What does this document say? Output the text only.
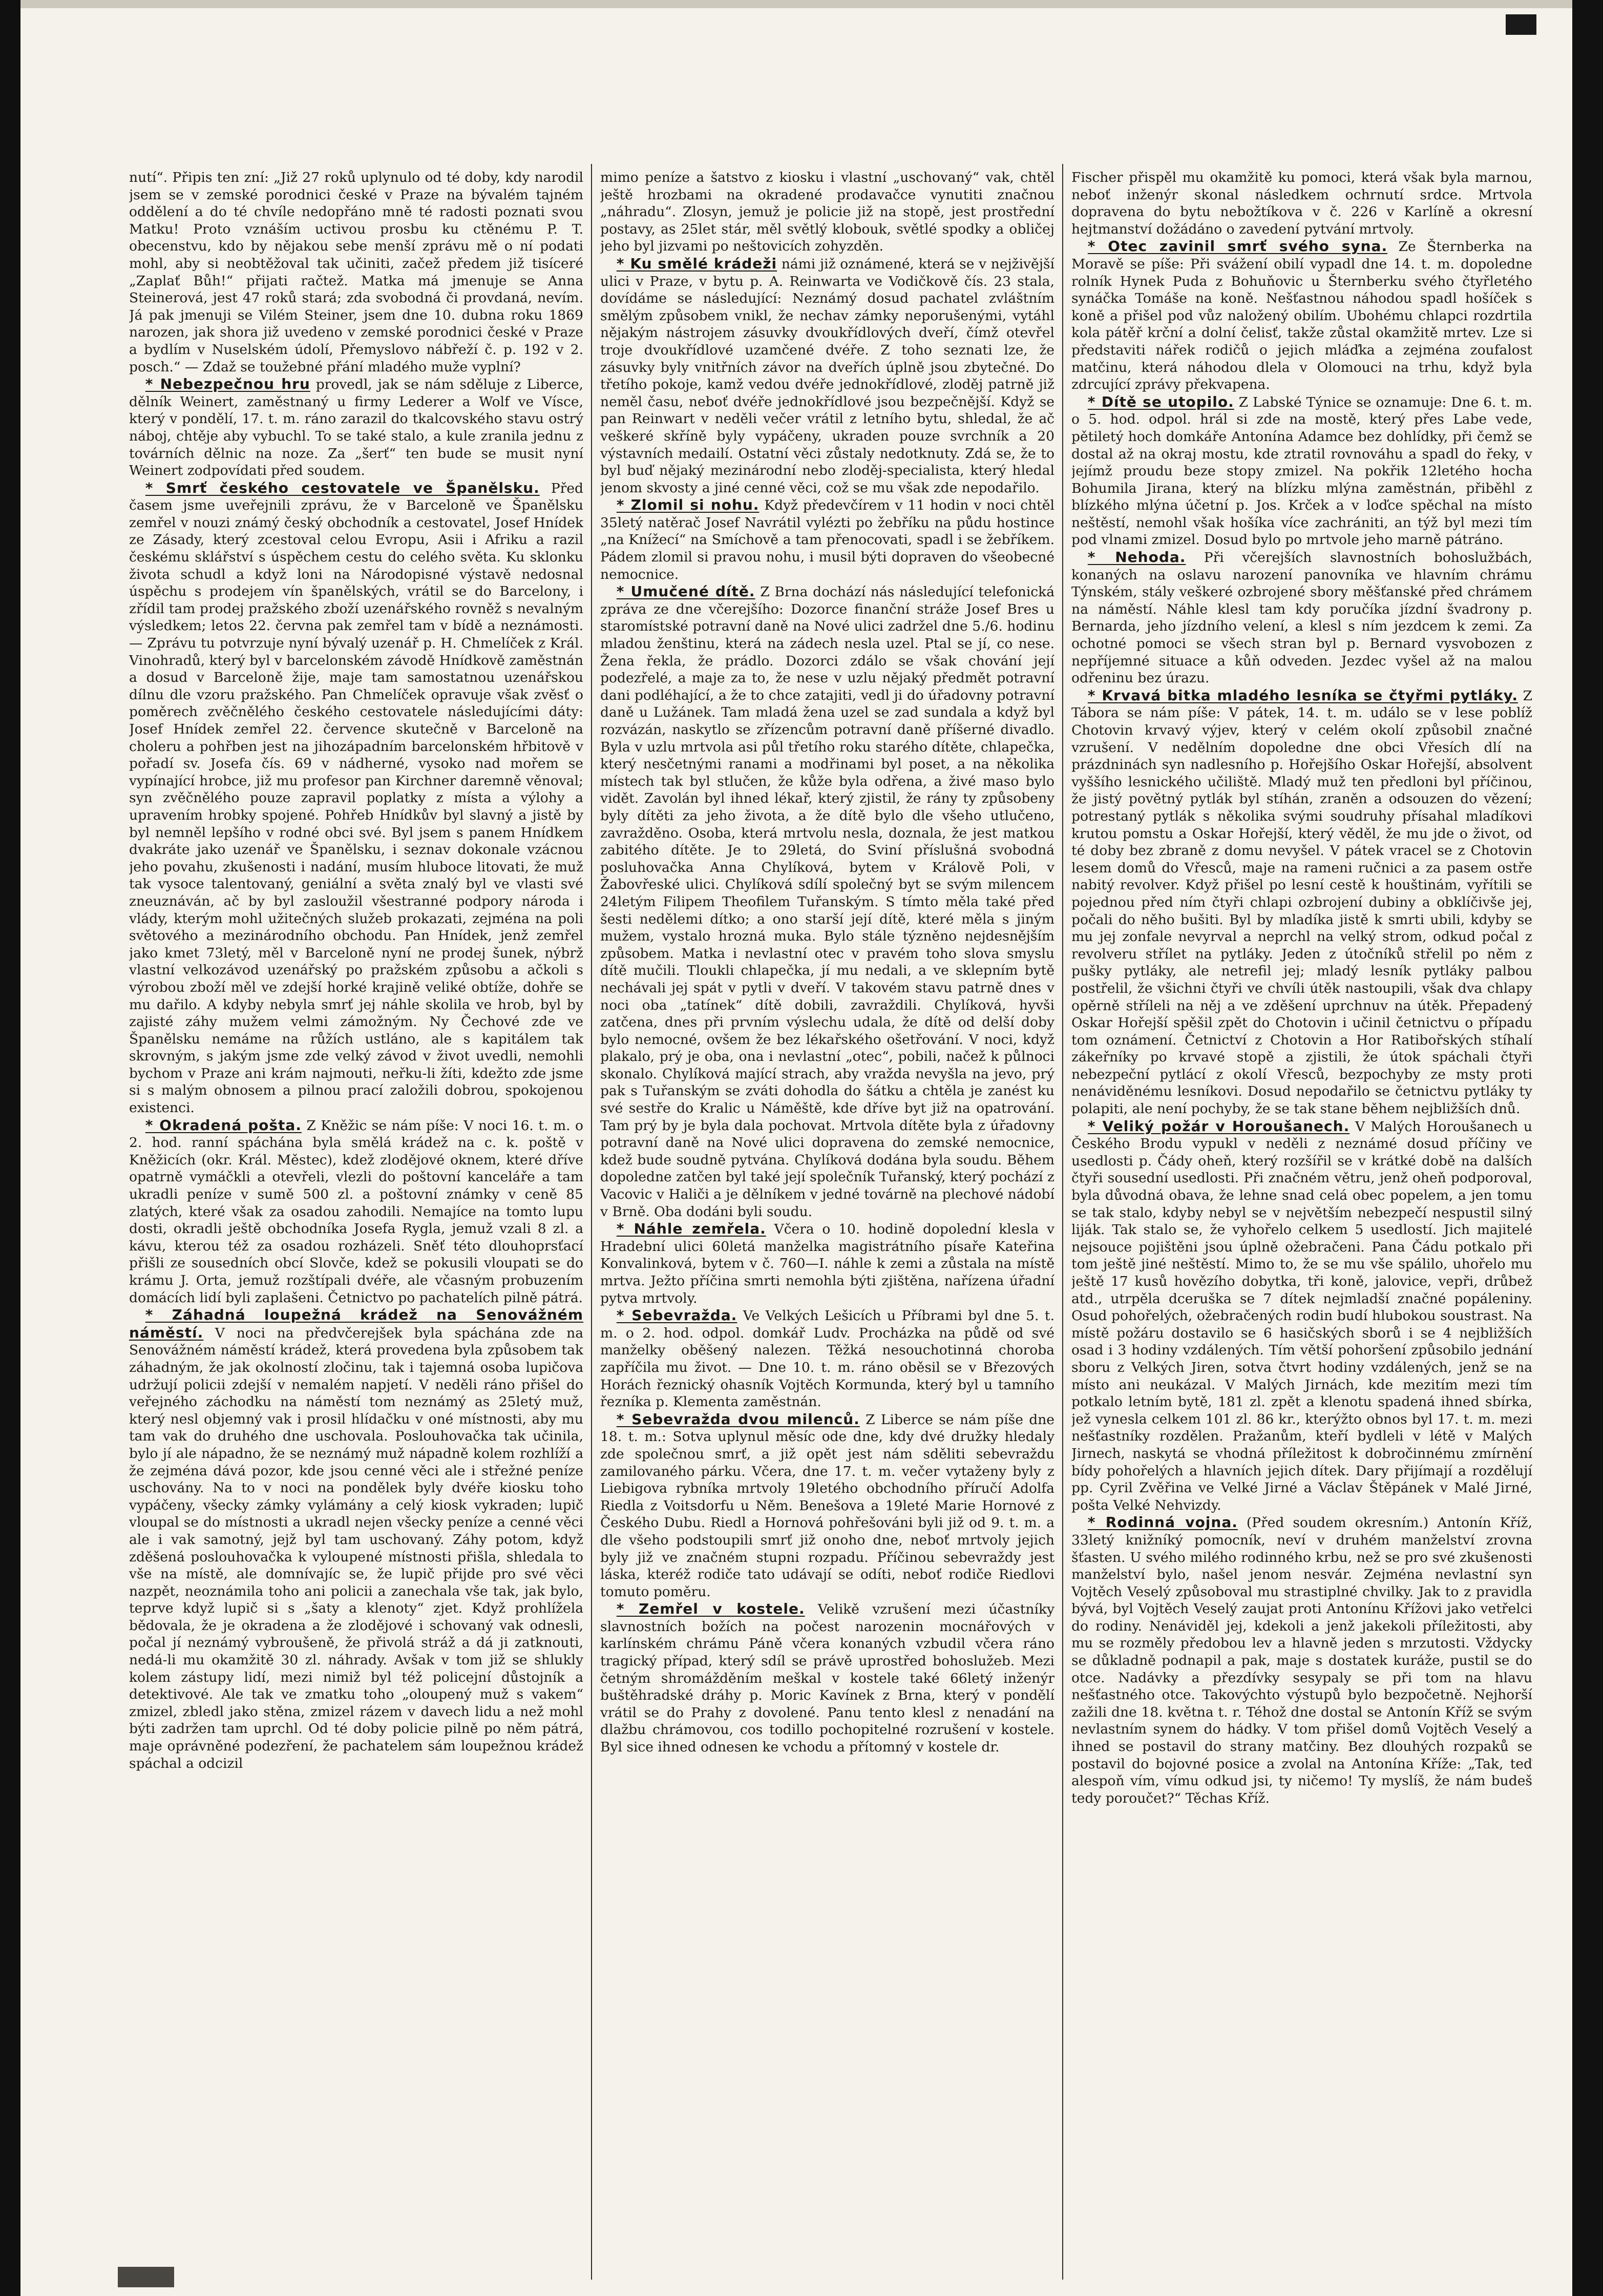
nutí“. Připis ten zní: „Již 27 roků uplynulo od té doby, kdy narodil jsem se v zemské porodnici české v Praze na bývalém tajném oddělení a do té chvíle nedopřáno mně té radosti poznati svou Matku! Proto vznáším uctivou prosbu ku ctěnému P. T. obecenstvu, kdo by nějakou sebe menší zprávu mě o ní podati mohl, aby si neobtěžoval tak učiniti, začež předem již tisíceré „Zaplať Bůh!“ přijati račtež. Matka má jmenuje se Anna Steinerová, jest 47 roků stará; zda svobodná či provdaná, nevím. Já pak jmenuji se Vilém Steiner, jsem dne 10. dubna roku 1869 narozen, jak shora již uvedeno v zemské porodnici české v Praze a bydlím v Nuselském údolí, Přemyslovo nábřeží č. p. 192 v 2. posch.“ — Zdaž se toužebné přání mladého muže vyplní?

* Nebezpečnou hru provedl, jak se nám sděluje z Liberce, dělník Weinert, zaměstnaný u firmy Lederer a Wolf ve Vísce, který v pondělí, 17. t. m. ráno zarazil do tkalcovského stavu ostrý náboj, chtěje aby vybuchl. To se také stalo, a kule zranila jednu z továrních dělnic na noze. Za „šerť“ ten bude se musit nyní Weinert zodpovídati před soudem.

* Smrť českého cestovatele ve Španělsku. Před časem jsme uveřejnili zprávu, že v Barceloně ve Španělsku zemřel v nouzi známý český obchodník a cestovatel, Josef Hnídek ze Zásady, který zcestoval celou Evropu, Asii i Afriku a razil českému sklářství s úspěchem cestu do celého světa. Ku sklonku života schudl a když loni na Národopisné výstavě nedosnal úspěchu s prodejem vín španělských, vrátil se do Barcelony, i zřídil tam prodej pražského zboží uzenářského rovněž s nevalným výsledkem; letos 22. června pak zemřel tam v bídě a neznámosti. — Zprávu tu potvrzuje nyní bývalý uzenář p. H. Chmelíček z Král. Vinohradů, který byl v barcelonském závodě Hnídkově zaměstnán a dosud v Barceloně žije, maje tam samostatnou uzenářskou dílnu dle vzoru pražského. Pan Chmelíček opravuje však zvěsť o poměrech zvěčnělého českého cestovatele následujícími dáty: Josef Hnídek zemřel 22. července skutečně v Barceloně na choleru a pohřben jest na jihozápadním barcelonském hřbitově v pořadí sv. Josefa čís. 69 v nádherné, vysoko nad mořem se vypínající hrobce, již mu profesor pan Kirchner daremně věnoval; syn zvěčnělého pouze zapravil poplatky z místa a výlohy a upravením hrobky spojené. Pohřeb Hnídkův byl slavný a jistě by byl nemněl lepšího v rodné obci své. Byl jsem s panem Hnídkem dvakráte jako uzenář ve Španělsku, i seznav dokonale vzácnou jeho povahu, zkušenosti i nadání, musím hluboce litovati, že muž tak vysoce talentovaný, geniální a světa znalý byl ve vlasti své zneuznáván, ač by byl zasloužil všestranné podpory národa i vlády, kterým mohl užitečných služeb prokazati, zejména na poli světového a mezinárodního obchodu. Pan Hnídek, jenž zemřel jako kmet 73letý, měl v Barceloně nyní ne prodej šunek, nýbrž vlastní velkozávod uzenářský po pražském způsobu a ačkoli s výrobou zboží měl ve zdejší horké krajině veliké obtíže, dohře se mu dařilo. A kdyby nebyla smrť jej náhle skolila ve hrob, byl by zajisté záhy mužem velmi zámožným. Ny Čechové zde ve Španělsku nemáme na růžích ustláno, ale s kapitálem tak skrovným, s jakým jsme zde velký závod v život uvedli, nemohli bychom v Praze ani krám najmouti, neřku-li žíti, kdežto zde jsme si s malým obnosem a pilnou prací založili dobrou, spokojenou existenci.

* Okradená pošta. Z Kněžic se nám píše: V noci 16. t. m. o 2. hod. ranní spáchána byla smělá krádež na c. k. poště v Kněžicích (okr. Král. Městec), kdež zlodějové oknem, které dříve opatrně vymáčkli a otevřeli, vlezli do poštovní kanceláře a tam ukradli peníze v sumě 500 zl. a poštovní známky v ceně 85 zlatých, které však za osadou zahodili. Nemajíce na tomto lupu dosti, okradli ještě obchodníka Josefa Rygla, jemuž vzali 8 zl. a kávu, kterou též za osadou rozházeli. Sněť této dlouhoprsťací přišli ze sousedních obcí Slovče, kdež se pokusili vloupati se do krámu J. Orta, jemuž rozštípali dvéře, ale včasným probuzením domácích lidí byli zaplašeni. Četnictvo po pachatelích pilně pátrá.

* Záhadná loupežná krádež na Senovážném náměstí. V noci na předvčerejšek byla spáchána zde na Senovážném náměstí krádež, která provedena byla způsobem tak záhadným, že jak okolností zločinu, tak i tajemná osoba lupičova udržují policii zdejší v nemalém napjetí. V neděli ráno přišel do veřejného záchodku na náměstí tom neznámý as 25letý muž, který nesl objemný vak i prosil hlídačku v oné místnosti, aby mu tam vak do druhého dne uschovala. Poslouhovačka tak učinila, bylo jí ale nápadno, že se neznámý muž nápadně kolem rozhlíží a že zejména dává pozor, kde jsou cenné věci ale i střežné peníze uschovány. Na to v noci na pondělek byly dvéře kiosku toho vypáčeny, všecky zámky vylámány a celý kiosk vykraden; lupič vloupal se do místnosti a ukradl nejen všecky peníze a cenné věci ale i vak samotný, jejž byl tam uschovaný. Záhy potom, když zděšená poslouhovačka k vyloupené místnosti přišla, shledala to vše na místě, ale domnívajíc se, že lupič přijde pro své věci nazpět, neoznámila toho ani policii a zanechala vše tak, jak bylo, teprve když lupič si s „šaty a klenoty“ zjet. Když prohlížela bědovala, že je okradena a že zlodějové i schovaný vak odnesli, počal jí neznámý vybroušeně, že přivolá stráž a dá ji zatknouti, nedá-li mu okamžitě 30 zl. náhrady. Avšak v tom již se shlukly kolem zástupy lidí, mezi nimiž byl též policejní důstojník a detektivové. Ale tak ve zmatku toho „oloupený muž s vakem“ zmizel, zbledl jako stěna, zmizel rázem v davech lidu a než mohl býti zadržen tam uprchl. Od té doby policie pilně po něm pátrá, maje oprávněné podezření, že pachatelem sám loupežnou krádež spáchal a odcizil

mimo peníze a šatstvo z kiosku i vlastní „uschovaný“ vak, chtěl ještě hrozbami na okradené prodavačce vynutiti značnou „náhradu“. Zlosyn, jemuž je policie již na stopě, jest prostřední postavy, as 25let stár, měl světlý klobouk, světlé spodky a obličej jeho byl jizvami po neštovicích zohyzděn.

* Ku smělé krádeži námi již oznámené, která se v nejživější ulici v Praze, v bytu p. A. Reinwarta ve Vodičkově čís. 23 stala, dovídáme se následující: Neznámý dosud pachatel zvláštním smělým způsobem vnikl, že nechav zámky neporušenými, vytáhl nějakým nástrojem zásuvky dvoukřídlových dveří, čímž otevřel troje dvoukřídlové uzamčené dvéře. Z toho seznati lze, že zásuvky byly vnitřních závor na dveřích úplně jsou zbytečné. Do třetího pokoje, kamž vedou dvéře jednokřídlové, zloděj patrně již neměl času, neboť dvéře jednokřídlové jsou bezpečnější. Když se pan Reinwart v neděli večer vrátil z letního bytu, shledal, že ač veškeré skříně byly vypáčeny, ukraden pouze svrchník a 20 výstavních medailí. Ostatní věci zůstaly nedotknuty. Zdá se, že to byl buď nějaký mezinárodní nebo zloděj-specialista, který hledal jenom skvosty a jiné cenné věci, což se mu však zde nepodařilo.

* Zlomil si nohu. Když předevčírem v 11 hodin v noci chtěl 35letý natěrač Josef Navrátil vylézti po žebříku na půdu hostince „na Knížecí“ na Smíchově a tam přenocovati, spadl i se žebříkem. Pádem zlomil si pravou nohu, i musil býti dopraven do všeobecné nemocnice.

* Umučené dítě. Z Brna dochází nás následující telefonická zpráva ze dne včerejšího: Dozorce finanční stráže Josef Bres u staromístské potravní daně na Nové ulici zadržel dne 5./6. hodinu mladou ženštinu, která na zádech nesla uzel. Ptal se jí, co nese. Žena řekla, že prádlo. Dozorci zdálo se však chování její podezřelé, a maje za to, že nese v uzlu nějaký předmět potravní dani podléhající, a že to chce zatajiti, vedl ji do úřadovny potravní daně u Lužánek. Tam mladá žena uzel se zad sundala a když byl rozvázán, naskytlo se zřízencům potravní daně příšerné divadlo. Byla v uzlu mrtvola asi půl třetího roku starého dítěte, chlapečka, který nesčetnými ranami a modřinami byl poset, a na několika místech tak byl stlučen, že kůže byla odřena, a živé maso bylo vidět. Zavolán byl ihned lékař, který zjistil, že rány ty způsobeny byly dítěti za jeho života, a že dítě bylo dle všeho utlučeno, zavražděno. Osoba, která mrtvolu nesla, doznala, že jest matkou zabitého dítěte. Je to 29letá, do Sviní příslušná svobodná posluhovačka Anna Chylíková, bytem v Králově Poli, v Žabovřeské ulici. Chylíková sdílí společný byt se svým milencem 24letým Filipem Theofilem Tuřanským. S tímto měla také před šesti nedělemi dítko; a ono starší její dítě, které měla s jiným mužem, vystalo hrozná muka. Bylo stále týzněno nejdesnějším způsobem. Matka i nevlastní otec v pravém toho slova smyslu dítě mučili. Tloukli chlapečka, jí mu nedali, a ve sklepním bytě nechávali jej spát v pytli v dveří. V takovém stavu patrně dnes v noci oba „tatínek“ dítě dobili, zavraždili. Chylíková, hyvši zatčena, dnes při prvním výslechu udala, že dítě od delší doby bylo nemocné, ovšem že bez lékařského ošetřování. V noci, když plakalo, prý je oba, ona i nevlastní „otec“, pobili, načež k půlnoci skonalo. Chylíková mající strach, aby vražda nevyšla na jevo, prý pak s Tuřanským se zváti dohodla do šátku a chtěla je zanést ku své sestře do Kralic u Náměště, kde dříve byt již na opatrování. Tam prý by je byla dala pochovat. Mrtvola dítěte byla z úřadovny potravní daně na Nové ulici dopravena do zemské nemocnice, kdež bude soudně pytvána. Chylíková dodána byla soudu. Během dopoledne zatčen byl také její společník Tuřanský, který pochází z Vacovic v Haliči a je dělníkem v jedné továrně na plechové nádobí v Brně. Oba dodáni byli soudu.

* Náhle zemřela. Včera o 10. hodině dopolední kleslа v Hradební ulici 60letá manželka magistrátního písaře Kateřina Konvalinková, bytem v č. 760—I. náhle k zemi a zůstala na místě mrtva. Ježto příčina smrti nemohla býti zjištěna, nařízena úřadní pytva mrtvoly.

* Sebevražda. Ve Velkých Lešicích u Příbrami byl dne 5. t. m. o 2. hod. odpol. domkář Ludv. Procházka na půdě od své manželky oběšený nalezen. Těžká nesouchotinná choroba zapříčila mu život. — Dne 10. t. m. ráno oběsil se v Březových Horách řeznický ohasník Vojtěch Kormunda, který byl u tamního řezníka p. Klementa zaměstnán.

* Sebevražda dvou milenců. Z Liberce se nám píše dne 18. t. m.: Sotva uplynul měsíc ode dne, kdy dvé družky hledaly zde společnou smrť, a již opět jest nám sděliti sebevraždu zamilovaného párku. Včera, dne 17. t. m. večer vytaženy byly z Liebigova rybníka mrtvoly 19letého obchodního příručí Adolfa Riedla z Voitsdorfu u Něm. Benešova a 19leté Marie Hornové z Českého Dubu. Riedl a Hornová pohřešováni byli již od 9. t. m. a dle všeho podstoupili smrť již onoho dne, neboť mrtvoly jejich byly již ve značném stupni rozpadu. Příčinou sebevraždy jest láska, kteréž rodiče tato udávají se odíti, neboť rodiče Riedlovi tomuto poměru.

* Zemřel v kostele. Velikě vzrušení mezi účastníky slavnostních božích na počest narozenin mocnářových v karlínském chrámu Páně včera konaných vzbudil včera ráno tragický případ, který sdíl se právě uprostřed bohoslužeb. Mezi četným shromážděním meškal v kostele také 66letý inženýr buštěhradské dráhy p. Moric Kavínek z Brna, který v pondělí vrátil se do Prahy z dovolené. Panu tento klesl z nenadání na dlažbu chrámovou, cos todillo pochopitelné rozrušení v kostele. Byl sice ihned odnesen ke vchodu a přítomný v kostele dr.

Fischer přispěl mu okamžitě ku pomoci, která však byla marnou, neboť inženýr skonal následkem ochrnutí srdce. Mrtvola dopravena do bytu nebožtíkova v č. 226 v Karlíně a okresní hejtmanství dožádáno o zavedení pytvání mrtvoly.

* Otec zavinil smrť svého syna. Ze Šternberka na Moravě se píše: Při svážení obilí vypadl dne 14. t. m. dopoledne rolník Hynek Puda z Bohuňovic u Šternberku svého čtyřletého synáčka Tomáše na koně. Nešťastnou náhodou spadl hošíček s koně a přišel pod vůz naložený obilím. Ubohému chlapci rozdrtila kola pátěř krční a dolní čelisť, takže zůstal okamžitě mrtev. Lze si představiti nářek rodičů o jejich mláďka a zejména zoufalost matčinu, která náhodou dlela v Olomouci na trhu, když byla zdrcující zprávy překvapena.

* Dítě se utopilo. Z Labské Týnice se oznamuje: Dne 6. t. m. o 5. hod. odpol. hrál si zde na mostě, který přes Labe vede, pětiletý hoch domkáře Antonína Adamce bez dohlídky, při čemž se dostal až na okraj mostu, kde ztratil rovnováhu a spadl do řeky, v jejímž proudu beze stopy zmizel. Na pokřik 12letého hocha Bohumila Jirana, který na blízku mlýna zaměstnán, přiběhl z blízkého mlýna účetní p. Jos. Krček a v loďce spěchal na místo neštěstí, nemohl však hošíka více zachrániti, an týž byl mezi tím pod vlnami zmizel. Dosud bylo po mrtvole jeho marně pátráno.

* Nehoda. Při včerejších slavnostních bohoslužbách, konaných na oslavu narození panovníka ve hlavním chrámu Týnském, stály veškeré ozbrojené sbory měšťanské před chrámem na náměstí. Náhle klesl tam kdy poručíka jízdní švadrony p. Bernarda, jeho jízdního velení, a klesl s ním jezdcem k zemi. Za ochotné pomoci se všech stran byl p. Bernard vysvobozen z nepříjemné situace a kůň odveden. Jezdec vyšel až na malou odřeninu bez úrazu.

* Krvavá bitka mladého lesníka se čtyřmi pytláky. Z Tábora se nám píše: V pátek, 14. t. m. událo se v lese poblíž Chotovin krvavý výjev, který v celém okolí způsobil značné vzrušení. V nedělním dopoledne dne obci Vřesích dlí na prázdninách syn nadlesního p. Hořejšího Oskar Hořejší, absolvent vyššího lesnického učiliště. Mladý muž ten předloni byl příčinou, že jistý povětný pytlák byl stíhán, zraněn a odsouzen do vězení; potrestaný pytlák s několika svými soudruhy přísahal mladíkovi krutou pomstu a Oskar Hořejší, který věděl, že mu jde o život, od té doby bez zbraně z domu nevyšel. V pátek vracel se z Chotovin lesem domů do Vřesců, maje na rameni ručnici a za pasem ostře nabitý revolver. Když přišel po lesní cestě k houštinám, vyřítili se pojednou před ním čtyři chlapi ozbrojení dubiny a obklíčivše jej, počali do něho bušiti. Byl by mladíka jistě k smrti ubili, kdyby se mu jej zonfale nevyrval a neprchl na velký strom, odkud počal z revolveru střílet na pytláky. Jeden z útočníků střelil po něm z pušky pytláky, ale netrefil jej; mladý lesník pytláky palbou postřelil, že všichni čtyři ve chvíli útěk nastoupili, však dva chlapy opěrně stříleli na něj a ve zděšení uprchnuv na útěk. Přepadený Oskar Hořejší spěšil zpět do Chotovin i učinil četnictvu o případu tom oznámení. Četnictví z Chotovin a Hor Ratibořských stíhalí zákeřníky po krvavé stopě a zjistili, že útok spáchali čtyři nebezpeční pytlácí z okolí Vřesců, bezpochyby ze msty proti nenáviděnému lesníkovi. Dosud nepodařilo se četnictvu pytláky ty polapiti, ale není pochyby, že se tak stane během nejbližších dnů.

* Veliký požár v Horoušanech. V Malých Horoušanech u Českého Brodu vypukl v neděli z neznámé dosud příčiny ve usedlosti p. Čády oheň, který rozšířil se v krátké době na dalších čtyři sousední usedlosti. Při značném větru, jenž oheň podporoval, byla důvodná obava, že lehne snad celá obec popelem, a jen tomu se tak stalo, kdyby nebyl se v největším nebezpečí nespustil silný liják. Tak stalo se, že vyhořelo celkem 5 usedlostí. Jich majitelé nejsouce pojištěni jsou úplně ožebračeni. Pana Čádu potkalo při tom ještě jiné neštěstí. Mimo to, že se mu vše spálilo, uhořelo mu ještě 17 kusů hovězího dobytka, tři koně, jalovice, vepři, drůbež atd., utrpěla dceruška se 7 dítek nejmladší značné popáleniny. Osud pohořelých, ožebračených rodin budí hlubokou soustrast. Na místě požáru dostavilo se 6 hasičských sborů i se 4 nejbližších osad i 3 hodiny vzdálených. Tím větší pohoršení způsobilo jednání sboru z Velkých Jiren, sotva čtvrt hodiny vzdálených, jenž se na místo ani neukázal. V Malých Jirnách, kde mezitím mezi tím potkalo letním bytě, 181 zl. zpět a klenotu spadená ihned sbírka, jež vynesla celkem 101 zl. 86 kr., kterýžto obnos byl 17. t. m. mezi nešťastníky rozdělen. Pražanům, kteří bydleli v létě v Malých Jirnech, naskytá se vhodná příležitost k dobročinnému zmírnění bídy pohořelých a hlavních jejich dítek. Dary přijímají a rozdělují pp. Cyril Zvěřina ve Velké Jirné a Václav Štěpánek v Malé Jirné, pošta Velké Nehvizdy.

* Rodinná vojna. (Před soudem okresním.) Antonín Kříž, 33letý knižníký pomocník, neví v druhém manželství zrovna šťasten. U svého milého rodinného krbu, než se pro své zkušenosti manželství bylo, našel jenom nesvár. Zejména nevlastní syn Vojtěch Veselý způsoboval mu strastiplné chvilky. Jak to z pravidla bývá, byl Vojtěch Veselý zaujat proti Antonínu Křížovi jako vetřelci do rodiny. Nenáviděl jej, kdekoli a jenž jakekoli příležitosti, aby mu se rozměly předobou lev a hlavně jeden s mrzutosti. Vždycky se důkladně podnapil a pak, maje s dostatek kuráže, pustil se do otce. Nadávky a přezdívky sesypaly se při tom na hlavu nešťastného otce. Takovýchto výstupů bylo bezpočetně. Nejhorší zažili dne 18. května t. r. Téhož dne dostal se Antonín Kříž se svým nevlastním synem do hádky. V tom přišel domů Vojtěch Veselý a ihned se postavil do strany matčiny. Bez dlouhých rozpaků se postavil do bojovné posice a zvolal na Antonína Kříže: „Tak, teď alespoň vím, vímu odkud jsi, ty ničemo! Ty myslíš, že nám budeš tedy poroučet?“ Těchas Kříž.
